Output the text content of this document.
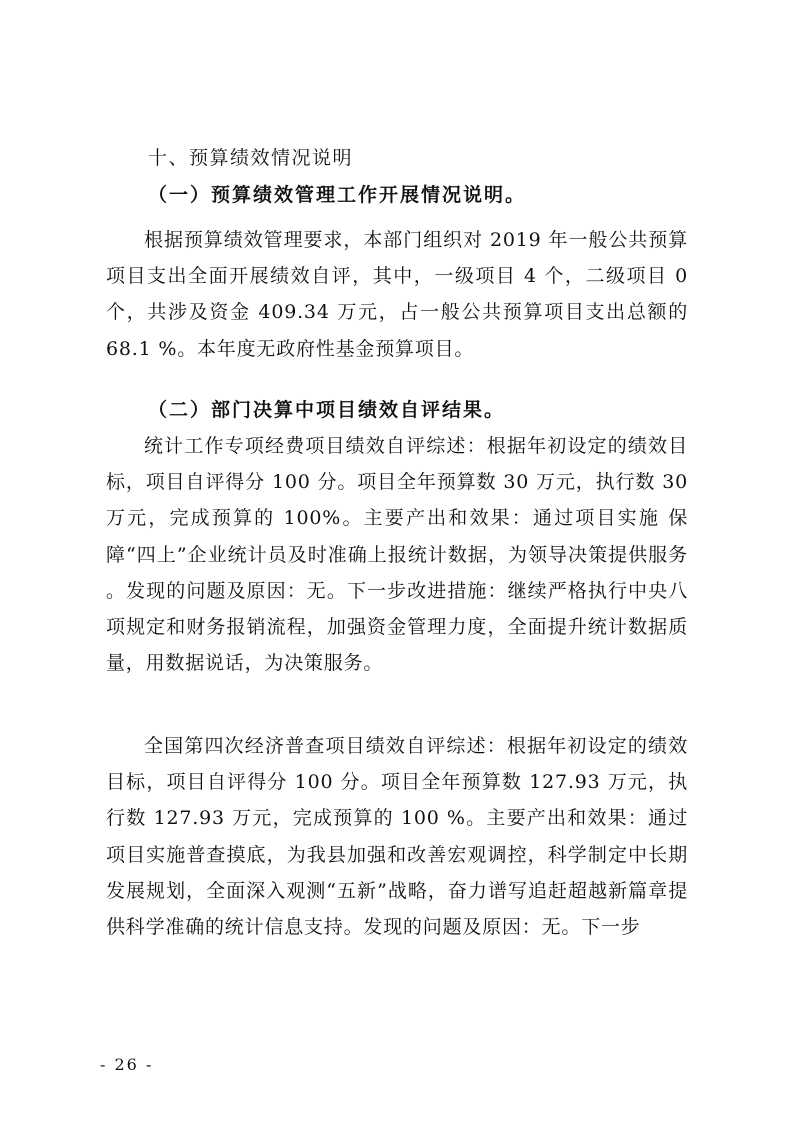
十、预算绩效情况说明
（一）预算绩效管理工作开展情况说明。

根据预算绩效管理要求，本部门组织对 2019 年一般公共预算项目支出全面开展绩效自评，其中，一级项目 4 个，二级项目 0 个，共涉及资金 409.34 万元，占一般公共预算项目支出总额的 68.1 %。本年度无政府性基金预算项目。

（二）部门决算中项目绩效自评结果。

统计工作专项经费项目绩效自评综述：根据年初设定的绩效目标，项目自评得分 100 分。项目全年预算数 30 万元，执行数 30 万元，完成预算的 100%。主要产出和效果：通过项目实施 保障“四上”企业统计员及时准确上报统计数据，为领导决策提供服务 。发现的问题及原因：无。下一步改进措施：继续严格执行中央八项规定和财务报销流程，加强资金管理力度，全面提升统计数据质量，用数据说话，为决策服务。

全国第四次经济普查项目绩效自评综述：根据年初设定的绩效目标，项目自评得分 100 分。项目全年预算数 127.93 万元，执行数 127.93 万元，完成预算的 100 %。主要产出和效果：通过项目实施普查摸底，为我县加强和改善宏观调控，科学制定中长期发展规划，全面深入观测“五新”战略，奋力谱写追赶超越新篇章提供科学准确的统计信息支持。发现的问题及原因：无。下一步

- 26 -
